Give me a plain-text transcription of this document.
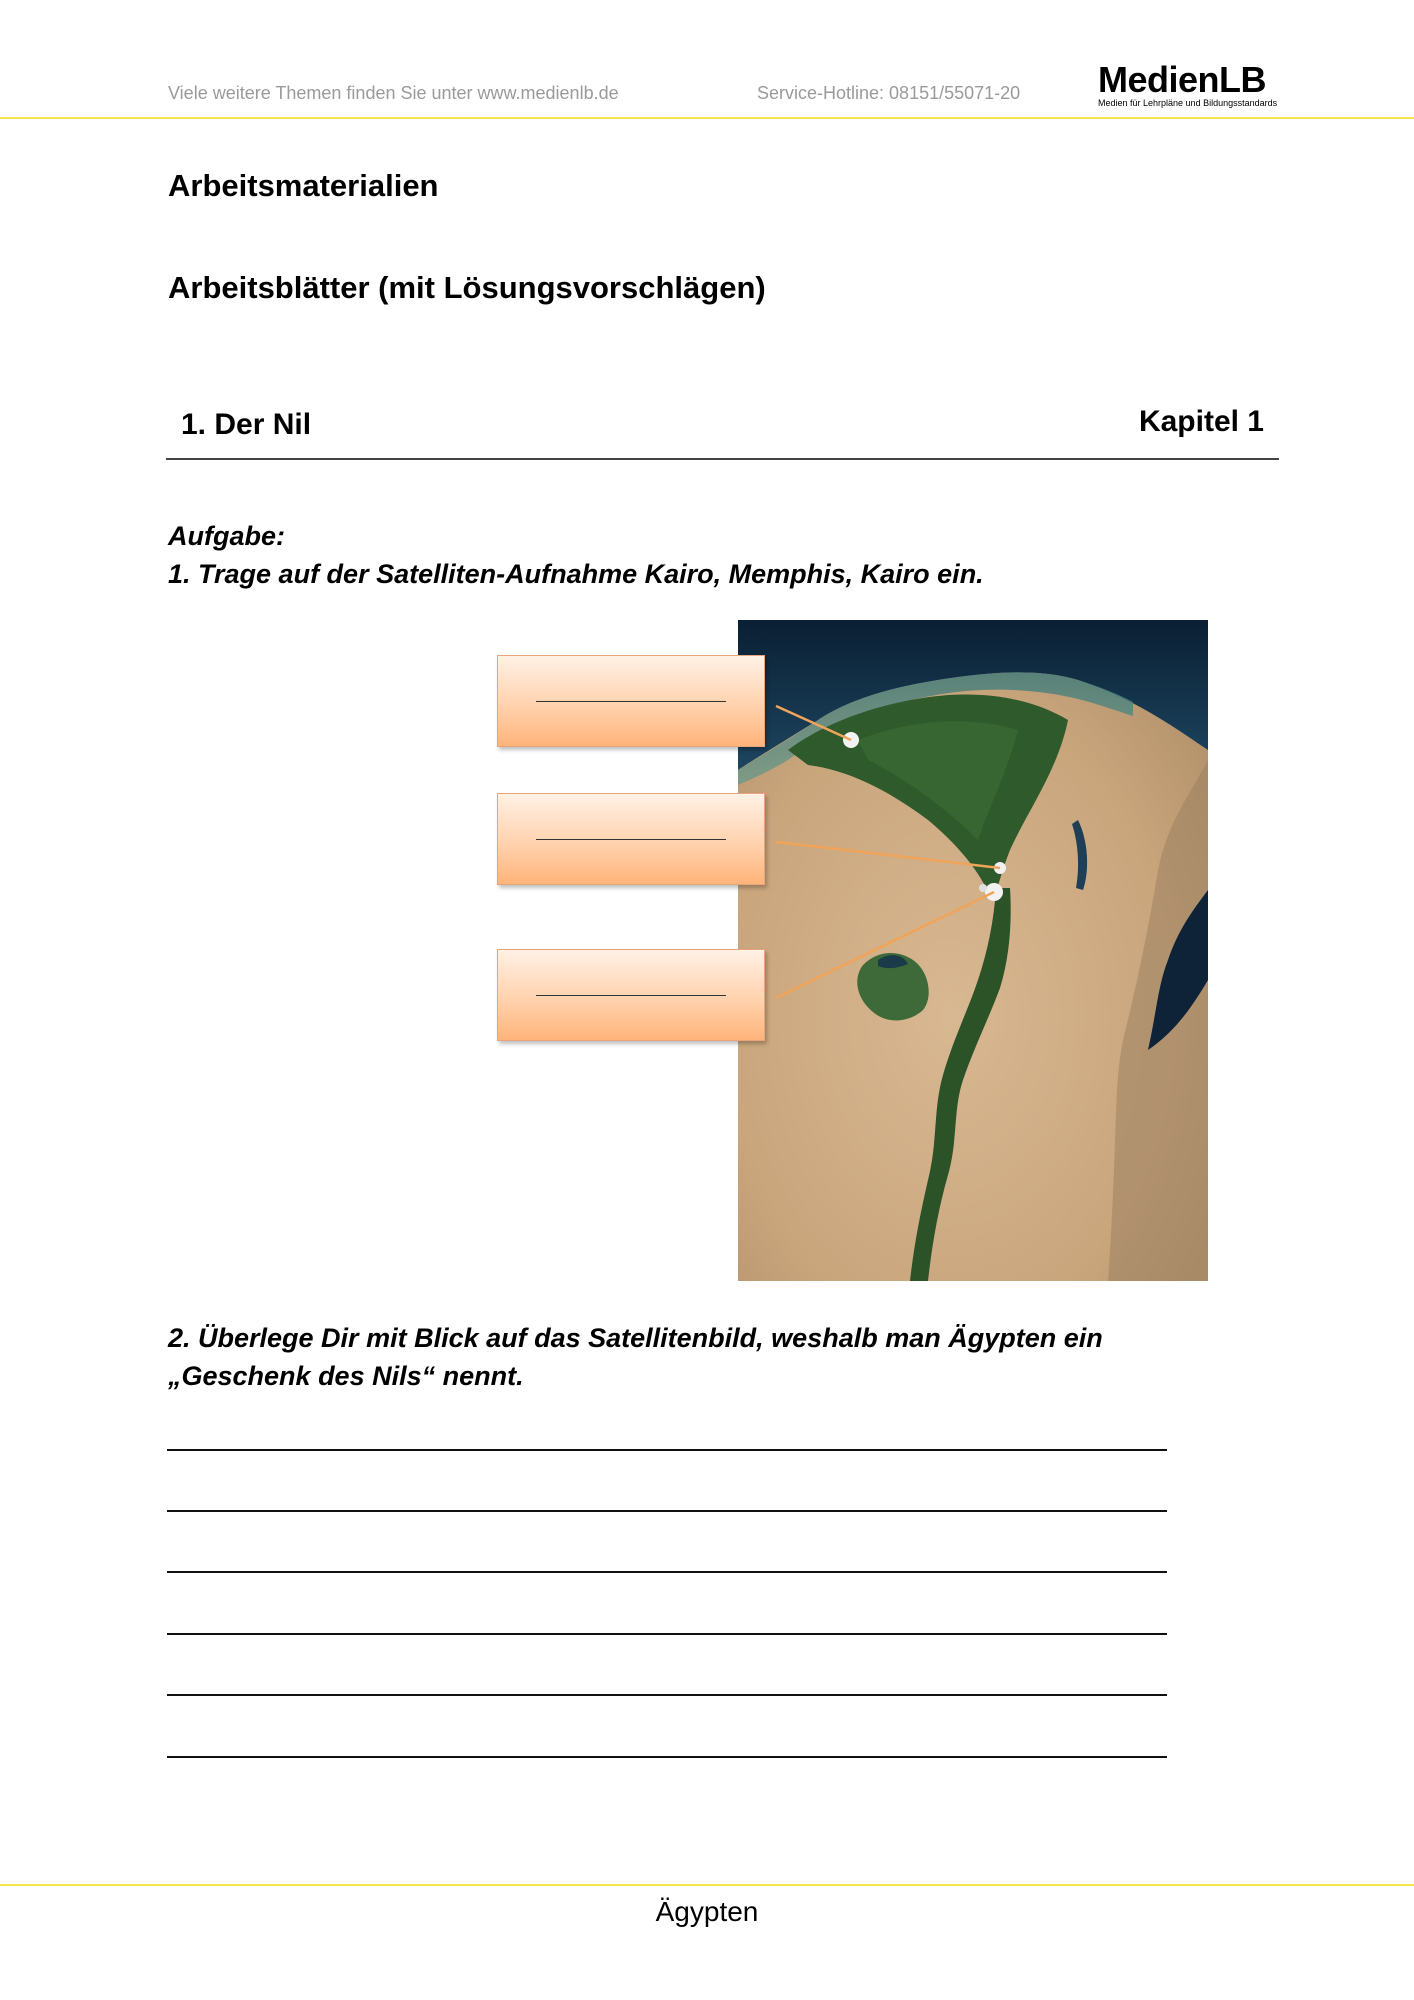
Viele weitere Themen finden Sie unter www.medienlb.de	Service-Hotline: 08151/55071-20 MedienLB
Medien für Lehrpläne und Bildungsstandards
Arbeitsmaterialien
Arbeitsblätter (mit Lösungsvorschlägen)
1. Der Nil	Kapitel 1
Aufgabe:
1. Trage auf der Satelliten-Aufnahme Kairo, Memphis, Kairo ein.
2. Überlege Dir mit Blick auf das Satellitenbild, weshalb man Ägypten ein
„Geschenk des Nils“ nennt.
Ägypten
